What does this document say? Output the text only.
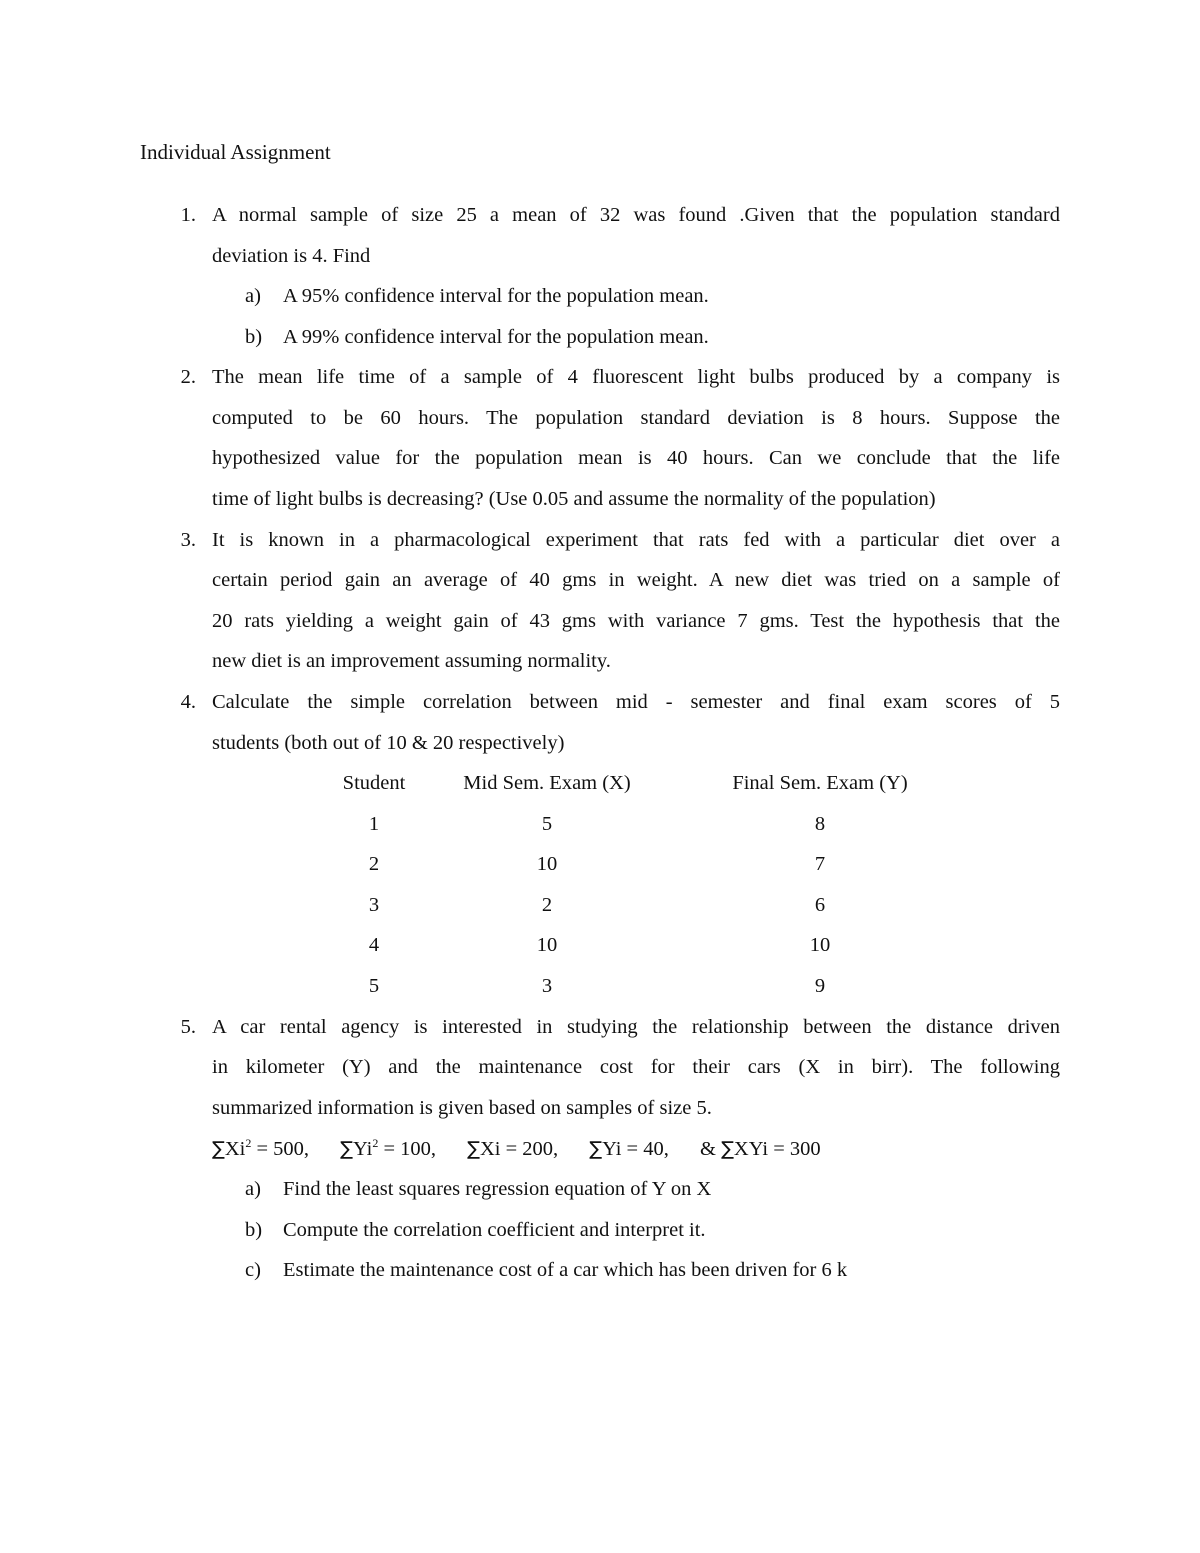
Individual Assignment
1. A normal sample of size 25 a mean of 32 was found .Given that the population standard
deviation is 4. Find
a) A 95% confidence interval for the population mean.
b) A 99% confidence interval for the population mean.
2. The mean life time of a sample of 4 fluorescent light bulbs produced by a company is
computed to be 60 hours. The population standard deviation is 8 hours. Suppose the
hypothesized value for the population mean is 40 hours. Can we conclude that the life
time of light bulbs is decreasing? (Use 0.05 and assume the normality of the population)
3. It is known in a pharmacological experiment that rats fed with a particular diet over a
certain period gain an average of 40 gms in weight. A new diet was tried on a sample of
20 rats yielding a weight gain of 43 gms with variance 7 gms. Test the hypothesis that the
new diet is an improvement assuming normality.
4. Calculate the simple correlation between mid - semester and final exam scores of 5
students (both out of 10 & 20 respectively)
Student	Mid Sem. Exam (X)	Final Sem. Exam (Y)
1	5	8
2	10	7
3	2	6
4	10	10
5	3	9
5. A car rental agency is interested in studying the relationship between the distance driven
in kilometer (Y) and the maintenance cost for their cars (X in birr). The following
summarized information is given based on samples of size 5.
$\sum Xi^2 = 500$, $\sum Yi^2 = 100$, ∑Xi = 200, ∑Yi = 40, & ∑XYi = 300
a) Find the least squares regression equation of Y on X
b) Compute the correlation coefficient and interpret it.
c) Estimate the maintenance cost of a car which has been driven for 6 k
